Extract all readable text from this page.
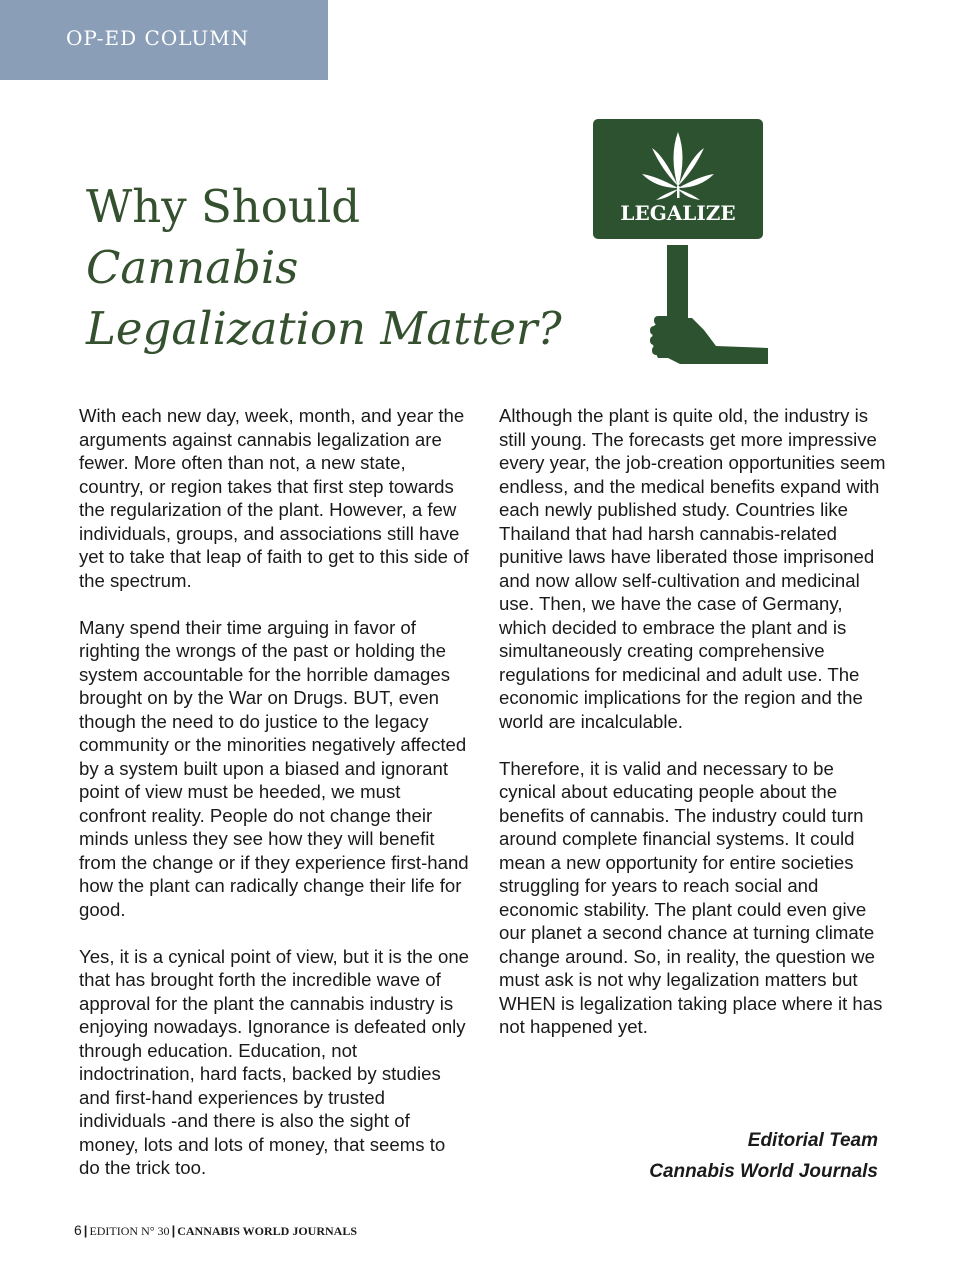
OP-ED COLUMN
Why Should
Cannabis
Legalization Matter?
LEGALIZE

With each new day, week, month, and year the arguments against cannabis legalization are fewer. More often than not, a new state, country, or region takes that first step towards the regularization of the plant. However, a few individuals, groups, and associations still have yet to take that leap of faith to get to this side of the spectrum.

Many spend their time arguing in favor of righting the wrongs of the past or holding the system accountable for the horrible damages brought on by the War on Drugs. BUT, even though the need to do justice to the legacy community or the minorities negatively affected by a system built upon a biased and ignorant point of view must be heeded, we must confront reality. People do not change their minds unless they see how they will benefit from the change or if they experience first-hand how the plant can radically change their life for good.

Yes, it is a cynical point of view, but it is the one that has brought forth the incredible wave of approval for the plant the cannabis industry is enjoying nowadays. Ignorance is defeated only through education. Education, not indoctrination, hard facts, backed by studies and first-hand experiences by trusted individuals -and there is also the sight of money, lots and lots of money, that seems to do the trick too.

Although the plant is quite old, the industry is still young. The forecasts get more impressive every year, the job-creation opportunities seem endless, and the medical benefits expand with each newly published study. Countries like Thailand that had harsh cannabis-related punitive laws have liberated those imprisoned and now allow self-cultivation and medicinal use. Then, we have the case of Germany, which decided to embrace the plant and is simultaneously creating comprehensive regulations for medicinal and adult use. The economic implications for the region and the world are incalculable.

Therefore, it is valid and necessary to be cynical about educating people about the benefits of cannabis. The industry could turn around complete financial systems. It could mean a new opportunity for entire societies struggling for years to reach social and economic stability. The plant could even give our planet a second chance at turning climate change around. So, in reality, the question we must ask is not why legalization matters but WHEN is legalization taking place where it has not happened yet.

Editorial Team
Cannabis World Journals
6 | EDITION N° 30 | CANNABIS WORLD JOURNALS
